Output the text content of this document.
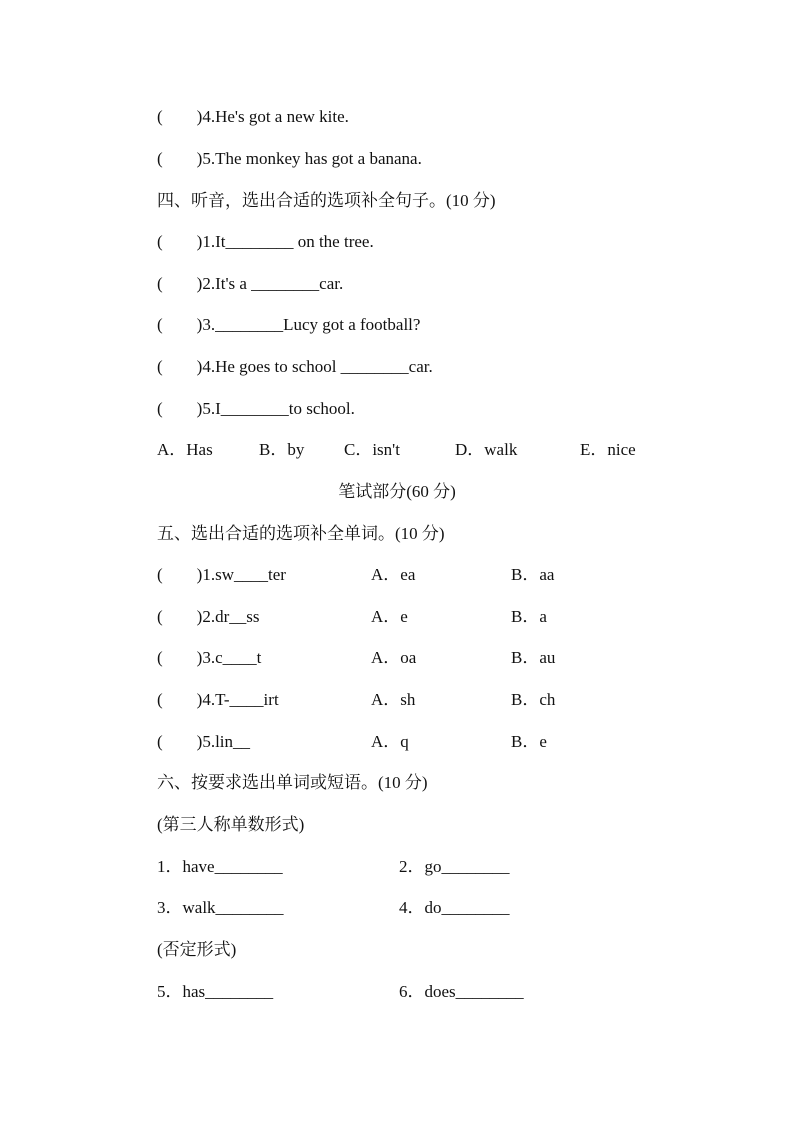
(　　)4.He's got a new kite.
(　　)5.The monkey has got a banana.
四、听音，选出合适的选项补全句子。(10 分)
(　　)1.It________ on the tree.
(　　)2.It's a ________car.
(　　)3.________Lucy got a football?
(　　)4.He goes to school ________car.
(　　)5.I________to school.
A．Has	B．by C．isn't	D．walk	E．nice
笔试部分(60 分)
五、选出合适的选项补全单词。(10 分)
(　　)1.sw____ter	A．ea	B．aa
(　　)2.dr__ss	A．e	B．a
(　　)3.c____t	A．oa	B．au
(　　)4.T-____irt	A．sh	B．ch
(　　)5.lin__	A．q	B．e
六、按要求选出单词或短语。(10 分)
(第三人称单数形式)
1．have________	2．go________
3．walk________	4．do________
(否定形式)
5．has________	6．does________
